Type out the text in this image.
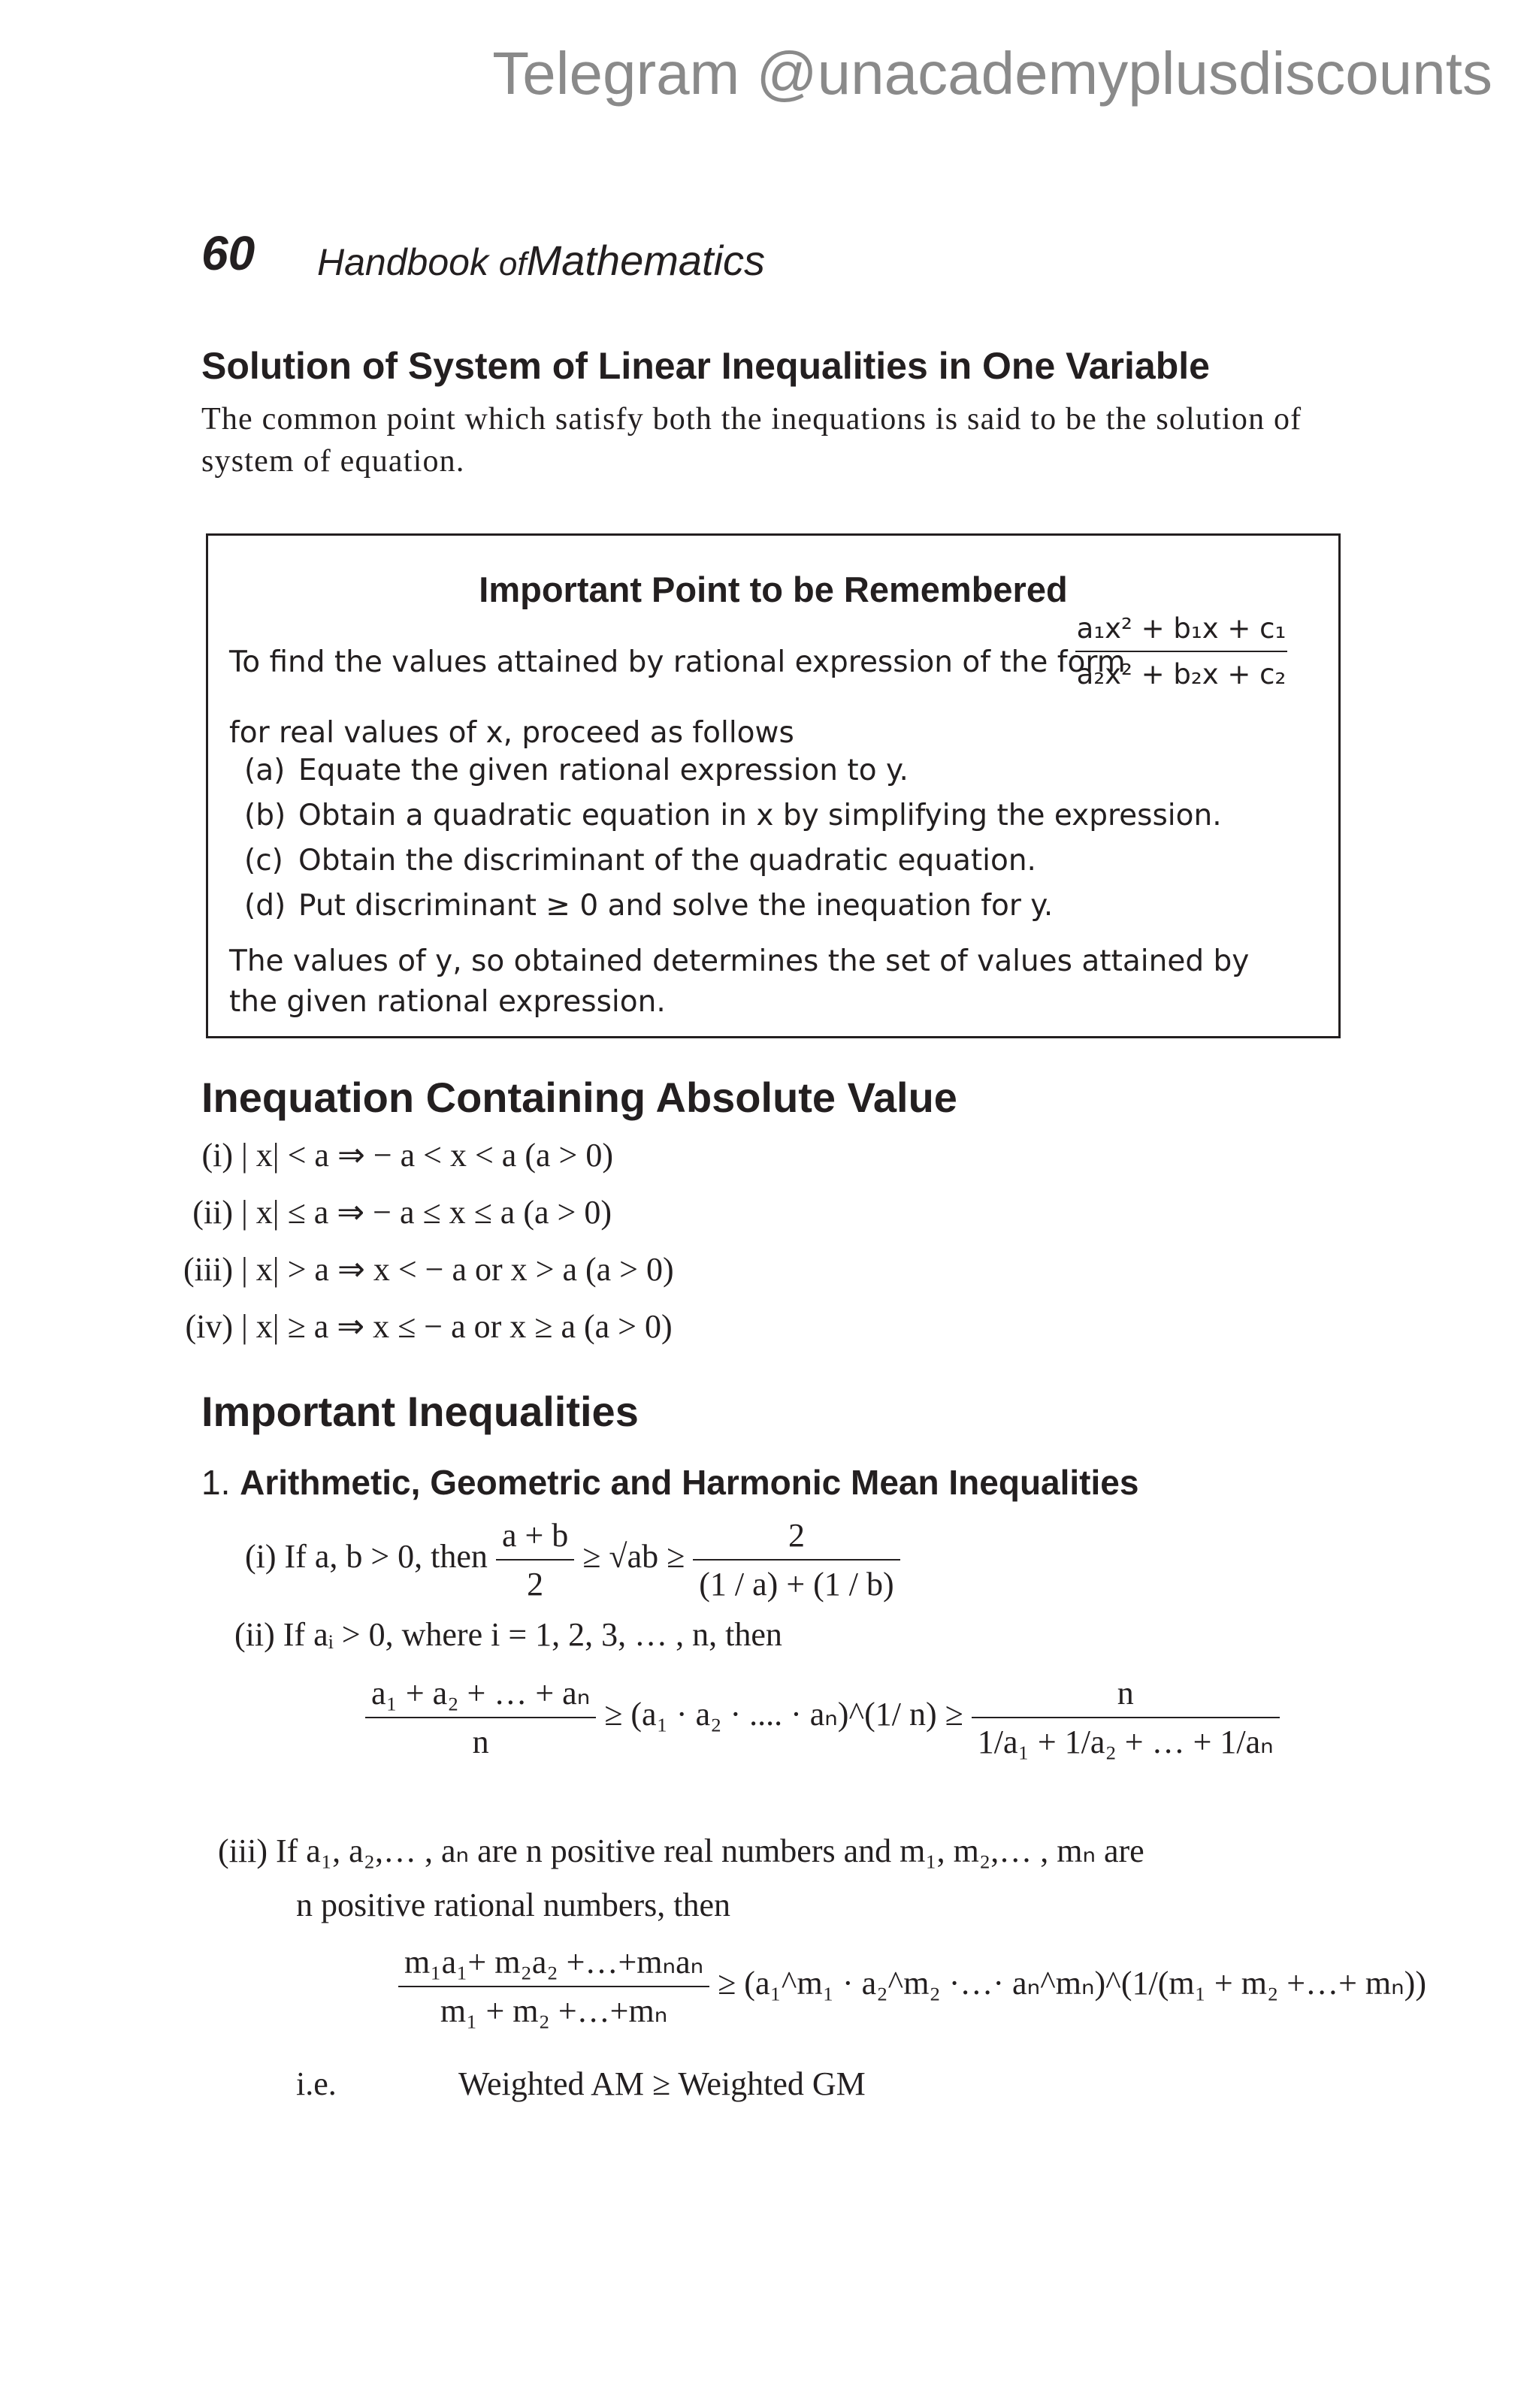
Telegram @unacademyplusdiscounts
60 Handbook ofMathematics
Solution of System of Linear Inequalities in One Variable
The common point which satisfy both the inequations is said to be the solution of system of equation.
Important Point to be Remembered
To find the values attained by rational expression of the form
$\frac{\text{a₁x² + b₁x + c₁}}{\text{a₂x² + b₂x + c₂}}$
for real values of x, proceed as follows
(a) Equate the given rational expression to y.
(b) Obtain a quadratic equation in x by simplifying the expression.
(c) Obtain the discriminant of the quadratic equation.
(d) Put discriminant ≥ 0 and solve the inequation for y.
The values of y, so obtained determines the set of values attained by the given rational expression.
Inequation Containing Absolute Value
(i) | x| < a ⇒ − a < x < a (a > 0)
(ii) | x| ≤ a ⇒ − a ≤ x ≤ a (a > 0)
(iii) | x| > a ⇒ x < − a or x > a (a > 0)
(iv) | x| ≥ a ⇒ x ≤ − a or x ≥ a (a > 0)
Important Inequalities
1. Arithmetic, Geometric and Harmonic Mean Inequalities
(i) If a, b > 0, then $\frac{a + b}{2} \ge √ab \ge \frac{2}{(1 / a) + (1 / b)}$
(ii) If aᵢ > 0, where i = 1, 2, 3, … , n, then
$\frac{\text{a₁ + a₂ + … + aₙ}}{n} \ge (a_1 \cdot a_2$ · .... · aₙ)^(1/ $n) \ge \frac{n}{\text{1/a₁ + 1/a₂ + … + 1/aₙ}}$
(iii) If a₁, a₂,… , aₙ are n positive real numbers and m₁, m₂,… , mₙ are
n positive rational numbers, then
$\frac{\text{m₁a₁+ m₂a₂ +…+mₙaₙ}}{\text{m₁ + m₂ +…+mₙ}}$ ≥ (a₁^m₁ · a₂^m₂ ·…· aₙ^mₙ)^(1/(m₁ + m₂ +…+ mₙ))
i.e.	Weighted AM ≥ Weighted GM
